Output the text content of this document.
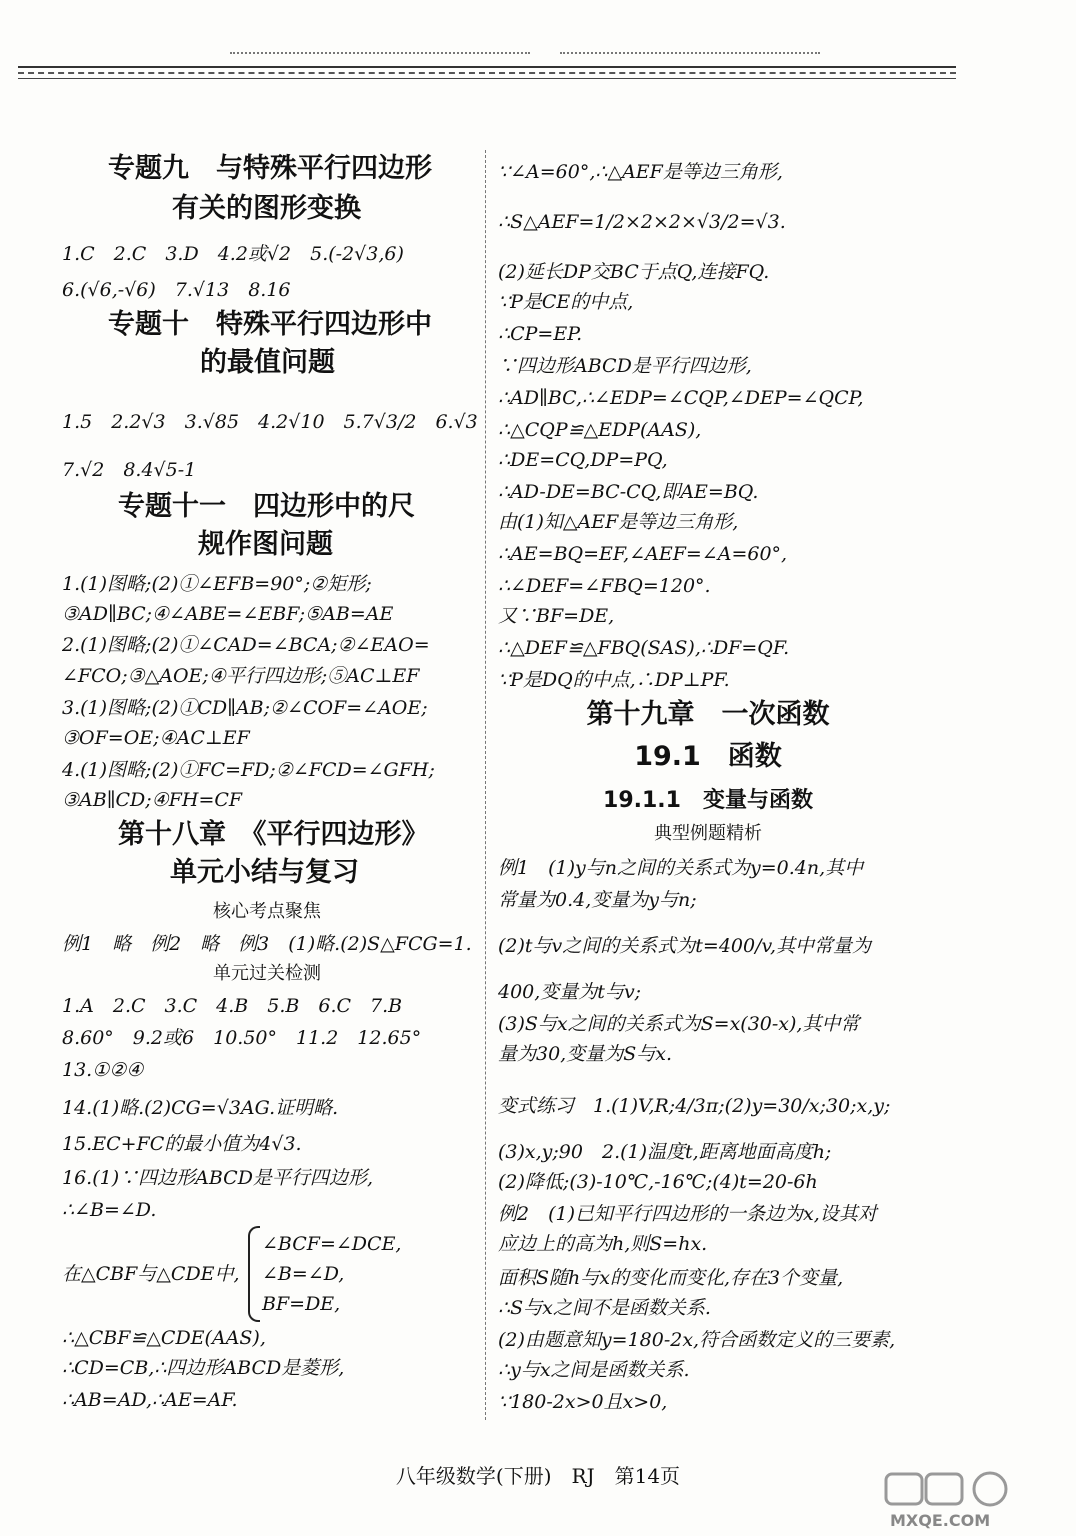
专题九　与特殊平行四边形
有关的图形变换
1.C　2.C　3.D　4.2或√2　5.(-2√3,6)
6.(√6,-√6)　7.√13　8.16
专题十　特殊平行四边形中
的最值问题
1.5　2.2√3　3.√85　4.2√10　5.7√3/2　6.√3
7.√2　8.4√5-1
专题十一　四边形中的尺
规作图问题
1.(1)图略;(2)①∠EFB=90°;②矩形;
③AD∥BC;④∠ABE=∠EBF;⑤AB=AE
2.(1)图略;(2)①∠CAD=∠BCA;②∠EAO=
∠FCO;③△AOE;④平行四边形;⑤AC⊥EF
3.(1)图略;(2)①CD∥AB;②∠COF=∠AOE;
③OF=OE;④AC⊥EF
4.(1)图略;(2)①FC=FD;②∠FCD=∠GFH;
③AB∥CD;④FH=CF
第十八章　《平行四边形》
单元小结与复习
核心考点聚焦
例1　略　例2　略　例3　(1)略.(2)S△FCG=1.
单元过关检测
1.A　2.C　3.C　4.B　5.B　6.C　7.B
8.60°　9.2或6　10.50°　11.2　12.65°
13.①②④
14.(1)略.(2)CG=√3AG.证明略.
15.EC+FC的最小值为4√3.
16.(1)∵四边形ABCD是平行四边形,
∴∠B=∠D.
在△CBF与△CDE中,
∠BCF=∠DCE,
∠B=∠D,
BF=DE,
∴△CBF≌△CDE(AAS),
∴CD=CB,∴四边形ABCD是菱形,
∴AB=AD,∴AE=AF.
∵∠A=60°,∴△AEF是等边三角形,
∴S△AEF=1/2×2×2×√3/2=√3.
(2)延长DP交BC于点Q,连接FQ.
∵P是CE的中点,
∴CP=EP.
∵四边形ABCD是平行四边形,
∴AD∥BC,∴∠EDP=∠CQP,∠DEP=∠QCP,
∴△CQP≌△EDP(AAS),
∴DE=CQ,DP=PQ,
∴AD-DE=BC-CQ,即AE=BQ.
由(1)知△AEF是等边三角形,
∴AE=BQ=EF,∠AEF=∠A=60°,
∴∠DEF=∠FBQ=120°.
又∵BF=DE,
∴△DEF≌△FBQ(SAS),∴DF=QF.
∵P是DQ的中点,∴DP⊥PF.
第十九章　一次函数
19.1　函数
19.1.1　变量与函数
典型例题精析
例1　(1)y与n之间的关系式为y=0.4n,其中
常量为0.4,变量为y与n;
(2)t与v之间的关系式为t=400/v,其中常量为
400,变量为t与v;
(3)S与x之间的关系式为S=x(30-x),其中常
量为30,变量为S与x.
变式练习　1.(1)V,R;4/3π;(2)y=30/x;30;x,y;
(3)x,y;90　2.(1)温度t,距离地面高度h;
(2)降低;(3)-10℃,-16℃;(4)t=20-6h
例2　(1)已知平行四边形的一条边为x,设其对
应边上的高为h,则S=hx.
面积S随h与x的变化而变化,存在3个变量,
∴S与x之间不是函数关系.
(2)由题意知y=180-2x,符合函数定义的三要素,
∴y与x之间是函数关系.
∵180-2x>0且x>0,
八年级数学(下册)　RJ　第14页
MXQE.COM
